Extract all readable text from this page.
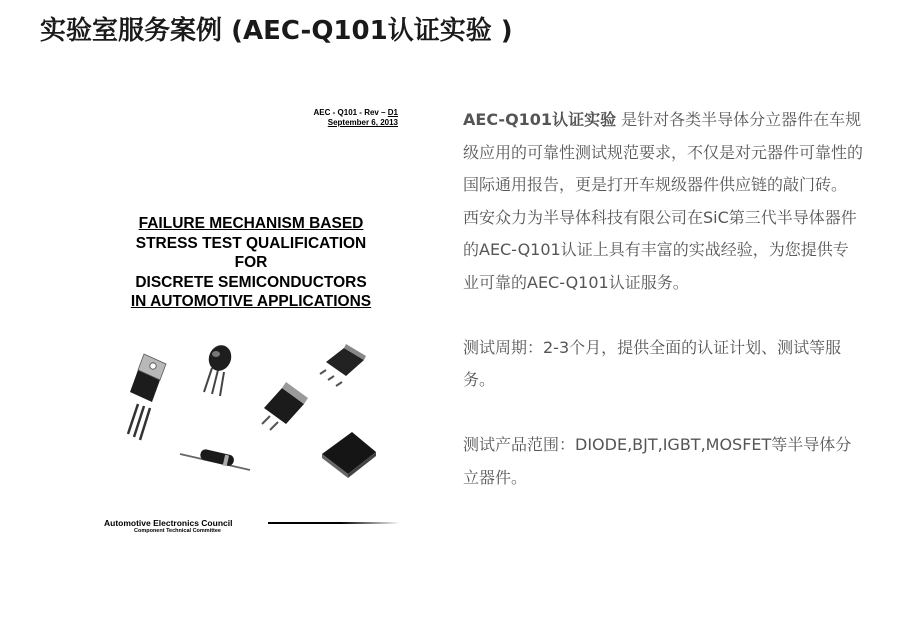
实验室服务案例 (AEC-Q101认证实验 )
AEC - Q101 - Rev – D1
September 6, 2013
FAILURE MECHANISM BASED
STRESS TEST QUALIFICATION
FOR
DISCRETE SEMICONDUCTORS
IN AUTOMOTIVE APPLICATIONS
Automotive Electronics Council
Component Technical Committee

AEC-Q101认证实验 是针对各类半导体分立器件在车规级应用的可靠性测试规范要求，不仅是对元器件可靠性的国际通用报告，更是打开车规级器件供应链的敲门砖。

西安众力为半导体科技有限公司在SiC第三代半导体器件的AEC-Q101认证上具有丰富的实战经验，为您提供专业可靠的AEC-Q101认证服务。

测试周期：2-3个月，提供全面的认证计划、测试等服务。

测试产品范围：DIODE,BJT,IGBT,MOSFET等半导体分立器件。
